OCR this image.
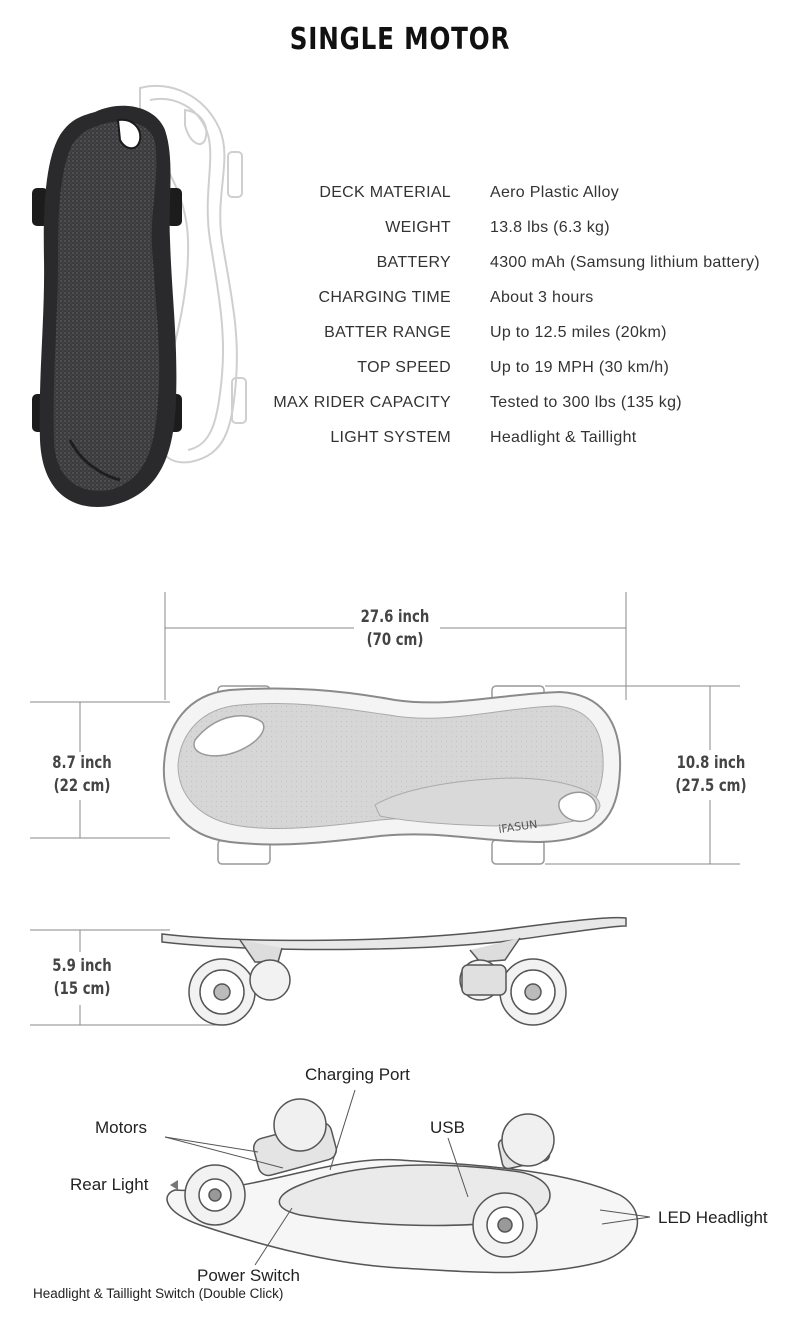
SINGLE MOTOR
iFASUN
DECK MATERIAL Aero Plastic Alloy
WEIGHT 13.8 lbs (6.3 kg)
BATTERY 4300 mAh (Samsung lithium battery)
CHARGING TIME About 3 hours
BATTER RANGE Up to 12.5 miles (20km)
TOP SPEED Up to 19 MPH (30 km/h)
MAX RIDER CAPACITY Tested to 300 lbs (135 kg)
LIGHT SYSTEM Headlight & Taillight
27.6 inch
(70 cm)
8.7 inch
(22 cm)
10.8 inch
(27.5 cm)
5.9 inch
(15 cm)
Charging Port
Motors	USB
Rear Light
LED Headlight
Power Switch
Headlight & Taillight Switch (Double Click)
